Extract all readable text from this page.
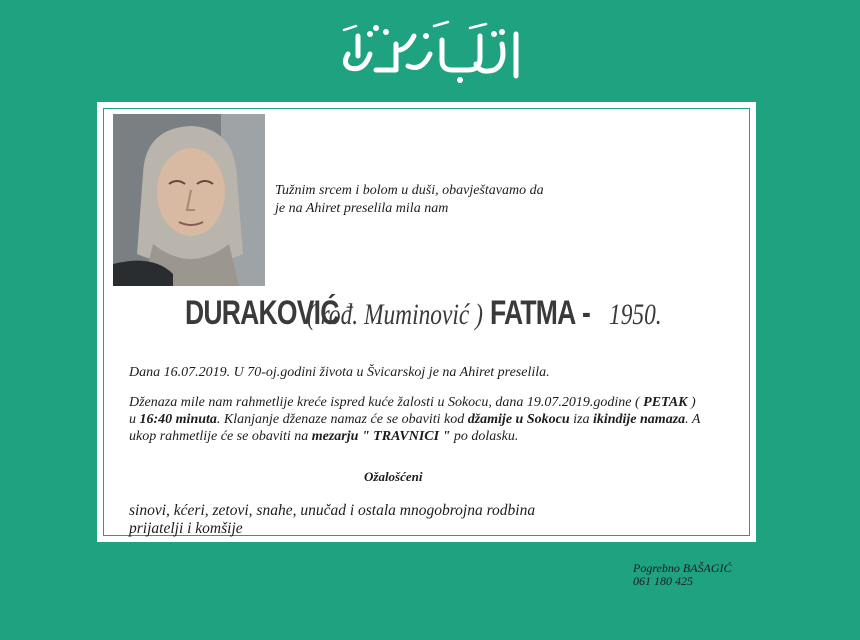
Tužnim srcem i bolom u duši, obavještavamo da
je na Ahiret preselila mila nam
DURAKOVIĆ ( rođ. Muminović ) FATMA - 1950.
Dana 16.07.2019. U 70-oj.godini života u Švicarskoj je na Ahiret preselila.
Dženaza mile nam rahmetlije kreće ispred kuće žalosti u Sokocu, dana 19.07.2019.godine ( PETAK ) u 16:40 minuta. Klanjanje dženaze namaz će se obaviti kod džamije u Sokocu iza ikindije namaza. A ukop rahmetlije će se obaviti na mezarju " TRAVNICI " po dolasku.
Ožalošćeni
sinovi, kćeri, zetovi, snahe, unučad i ostala mnogobrojna rodbina
prijatelji i komšije
Pogrebno BAŠAGIĆ
061 180 425
